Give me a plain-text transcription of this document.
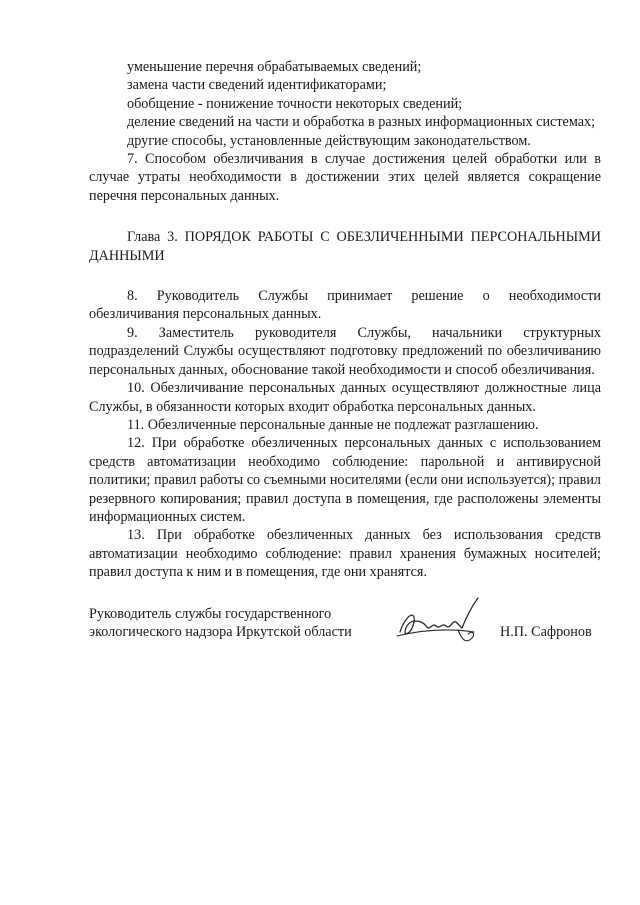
уменьшение перечня обрабатываемых сведений;

замена части сведений идентификаторами;

обобщение - понижение точности некоторых сведений;

деление сведений на части и обработка в разных информационных системах;

другие способы, установленные действующим законодательством.

7. Способом обезличивания в случае достижения целей обработки или в случае утраты необходимости в достижении этих целей является сокращение перечня персональных данных.

Глава 3. ПОРЯДОК РАБОТЫ С ОБЕЗЛИЧЕННЫМИ ПЕРСОНАЛЬНЫМИ ДАННЫМИ

8. Руководитель Службы принимает решение о необходимости обезличивания персональных данных.

9. Заместитель руководителя Службы, начальники структурных подразделений Службы осуществляют подготовку предложений по обезличиванию персональных данных, обоснование такой необходимости и способ обезличивания.

10. Обезличивание персональных данных осуществляют должностные лица Службы, в обязанности которых входит обработка персональных данных.

11. Обезличенные персональные данные не подлежат разглашению.

12. При обработке обезличенных персональных данных с использованием средств автоматизации необходимо соблюдение: парольной и антивирусной политики; правил работы со съемными носителями (если они используется); правил резервного копирования; правил доступа в помещения, где расположены элементы информационных систем.

13. При обработке обезличенных данных без использования средств автоматизации необходимо соблюдение: правил хранения бумажных носителей; правил доступа к ним и в помещения, где они хранятся.

Руководитель службы государственного
экологического надзора Иркутской области	Н.П. Сафронов
